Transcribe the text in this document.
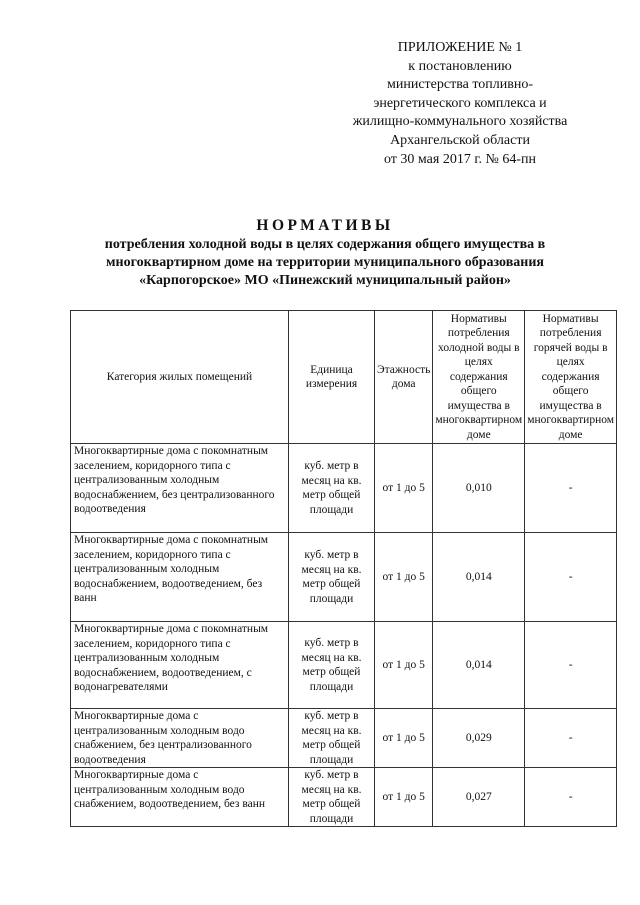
ПРИЛОЖЕНИЕ № 1
к постановлению
министерства топливно-
энергетического комплекса и
жилищно-коммунального хозяйства
Архангельской области
от 30 мая 2017 г. № 64-пн
НОРМАТИВЫ
потребления холодной воды в целях содержания общего имущества в
многоквартирном доме на территории муниципального образования
«Карпогорское» МО «Пинежский муниципальный район»
Категория жилых помещений	Единица измерения	Этажность дома	Нормативы потребления холодной воды в целях содержания общего имущества в многоквартирном доме	Нормативы потребления горячей воды в целях содержания общего имущества в многоквартирном доме
Многоквартирные дома с покомнатным заселением, коридорного типа с централизованным холодным водоснабжением, без централизованного водоотведения	куб. метр в месяц на кв. метр общей площади	от 1 до 5	0,010	-
Многоквартирные дома с покомнатным заселением, коридорного типа с централизованным холодным водоснабжением, водоотведением, без ванн	куб. метр в месяц на кв. метр общей площади	от 1 до 5	0,014	-
Многоквартирные дома с покомнатным заселением, коридорного типа с централизованным холодным водоснабжением, водоотведением, с водонагревателями	куб. метр в месяц на кв. метр общей площади	от 1 до 5	0,014	-
Многоквартирные дома с централизованным холодным водо снабжением, без централизованного водоотведения	куб. метр в месяц на кв. метр общей площади	от 1 до 5	0,029	-
Многоквартирные дома с централизованным холодным водо снабжением, водоотведением, без ванн	куб. метр в месяц на кв. метр общей площади	от 1 до 5	0,027	-
